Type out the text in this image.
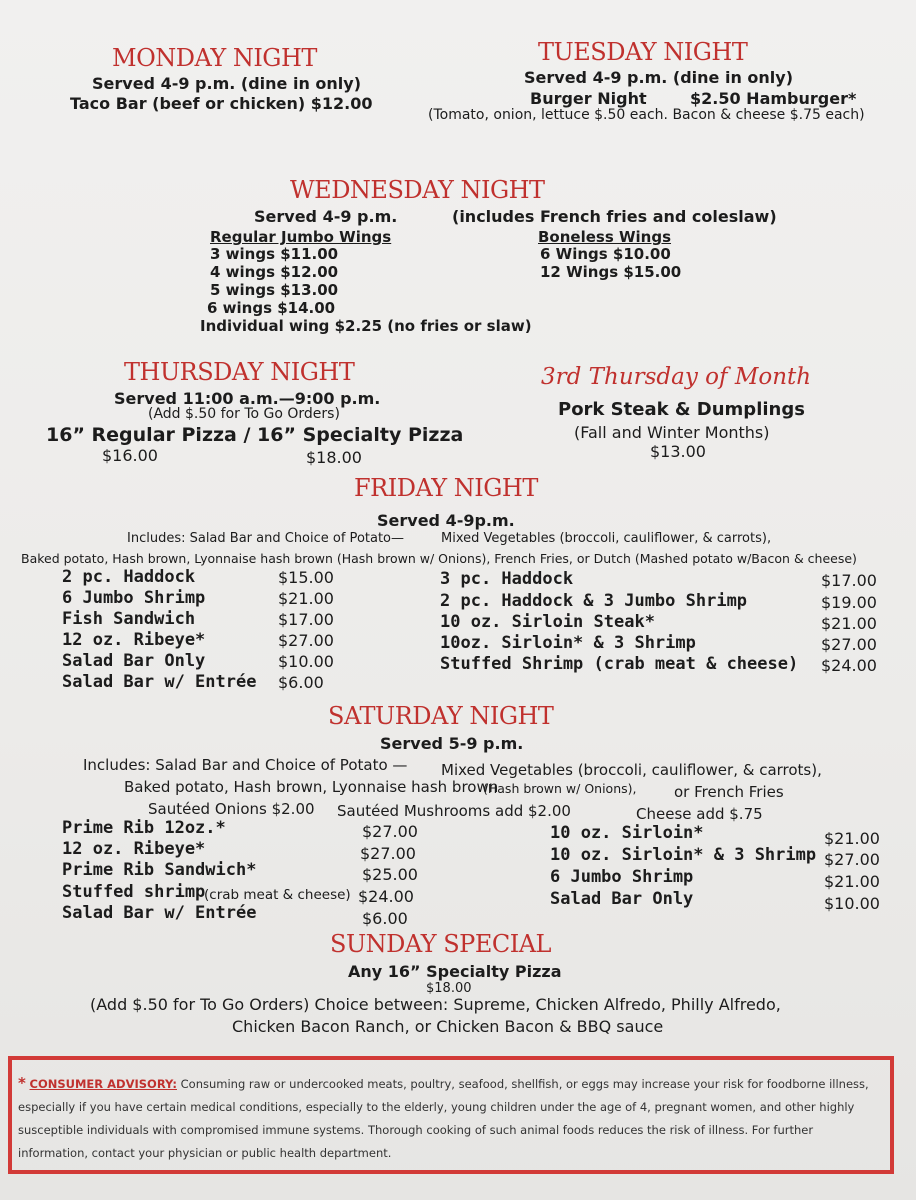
MONDAY NIGHT
Served 4-9 p.m. (dine in only)
Taco Bar (beef or chicken) $12.00
TUESDAY NIGHT
Served 4-9 p.m. (dine in only)
Burger Night	$2.50 Hamburger*
(Tomato, onion, lettuce $.50 each. Bacon & cheese $.75 each)
WEDNESDAY NIGHT
Served 4-9 p.m.	(includes French fries and coleslaw)
Regular Jumbo Wings
3 wings $11.00
4 wings $12.00
5 wings $13.00
6 wings $14.00
Individual wing $2.25 (no fries or slaw)
Boneless Wings
6 Wings $10.00
12 Wings $15.00
THURSDAY NIGHT
Served 11:00 a.m.—9:00 p.m.
(Add $.50 for To Go Orders)
16” Regular Pizza / 16” Specialty Pizza
$16.00	$18.00
3rd Thursday of Month
Pork Steak & Dumplings
(Fall and Winter Months)
$13.00
FRIDAY NIGHT
Served 4-9p.m.
Includes: Salad Bar and Choice of Potato—	Mixed Vegetables (broccoli, cauliflower, & carrots),
Baked potato, Hash brown, Lyonnaise hash brown (Hash brown w/ Onions), French Fries, or Dutch (Mashed potato w/Bacon & cheese)
2 pc. Haddock	$15.00
6 Jumbo Shrimp	$21.00
Fish Sandwich	$17.00
12 oz. Ribeye*	$27.00
Salad Bar Only	$10.00
Salad Bar w/ Entrée $6.00
3 pc. Haddock	$17.00
2 pc. Haddock & 3 Jumbo Shrimp	$19.00
10 oz. Sirloin Steak*	$21.00
10oz. Sirloin* & 3 Shrimp	$27.00
Stuffed Shrimp (crab meat & cheese) $24.00
SATURDAY NIGHT
Served 5-9 p.m.
Includes: Salad Bar and Choice of Potato — Mixed Vegetables (broccoli, cauliflower, & carrots),
Baked potato, Hash brown, Lyonnaise hash brown
(Hash brown w/ Onions),	or French Fries
Sautéed Onions $2.00 Sautéed Mushrooms add $2.00	Cheese add $.75
Prime Rib 12oz.*	$27.00
12 oz. Ribeye*	$27.00
Prime Rib Sandwich*	$25.00
Stuffed shrimp
(crab meat & cheese) $24.00
Salad Bar w/ Entrée	$6.00
10 oz. Sirloin*	$21.00
10 oz. Sirloin* & 3 Shrimp $27.00
6 Jumbo Shrimp	$21.00
Salad Bar Only	$10.00
SUNDAY SPECIAL
Any 16” Specialty Pizza
$18.00
(Add $.50 for To Go Orders) Choice between: Supreme, Chicken Alfredo, Philly Alfredo,
Chicken Bacon Ranch, or Chicken Bacon & BBQ sauce
* CONSUMER ADVISORY: Consuming raw or undercooked meats, poultry, seafood, shellfish, or eggs may increase your risk for foodborne illness, especially if you have certain medical conditions, especially to the elderly, young children under the age of 4, pregnant women, and other highly susceptible individuals with compromised immune systems. Thorough cooking of such animal foods reduces the risk of illness. For further information, contact your physician or public health department.
